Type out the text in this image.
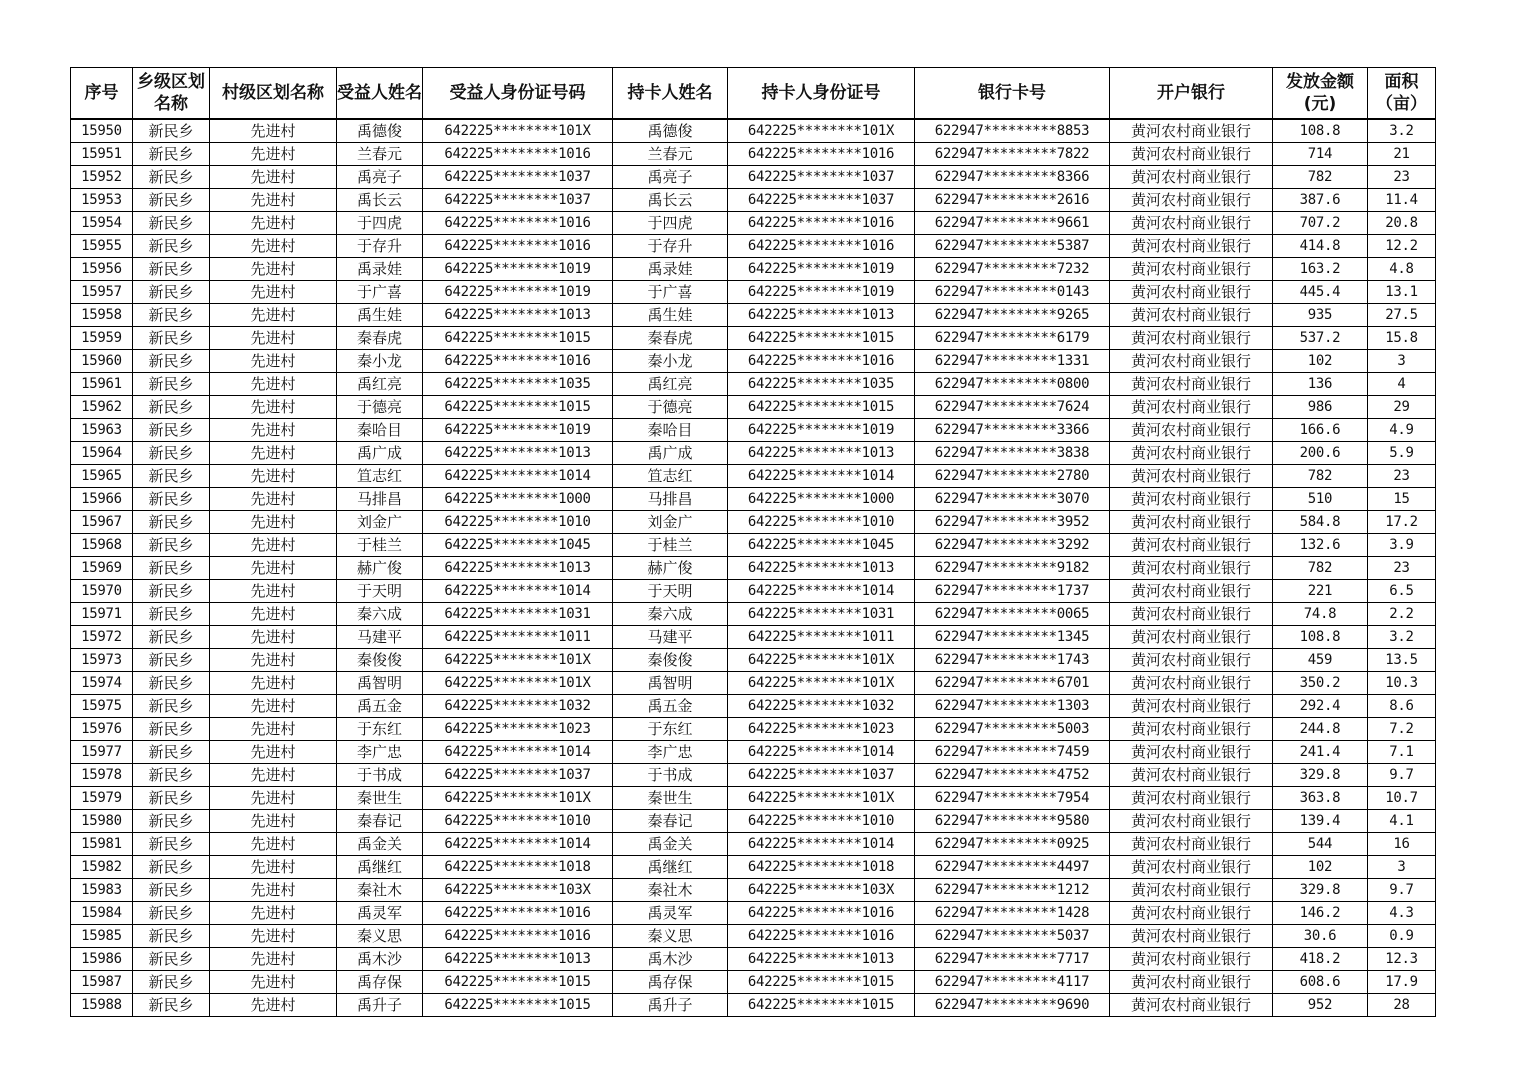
序号	乡级区划名称	村级区划名称	受益人姓名	受益人身份证号码	持卡人姓名	持卡人身份证号	银行卡号	开户银行	发放金额(元)	面积（亩）
15950	新民乡	先进村	禹德俊	642225********101X	禹德俊	642225********101X	622947*********8853	黄河农村商业银行	108.8	3.2
15951	新民乡	先进村	兰春元	642225********1016	兰春元	642225********1016	622947*********7822	黄河农村商业银行	714	21
15952	新民乡	先进村	禹亮子	642225********1037	禹亮子	642225********1037	622947*********8366	黄河农村商业银行	782	23
15953	新民乡	先进村	禹长云	642225********1037	禹长云	642225********1037	622947*********2616	黄河农村商业银行	387.6	11.4
15954	新民乡	先进村	于四虎	642225********1016	于四虎	642225********1016	622947*********9661	黄河农村商业银行	707.2	20.8
15955	新民乡	先进村	于存升	642225********1016	于存升	642225********1016	622947*********5387	黄河农村商业银行	414.8	12.2
15956	新民乡	先进村	禹录娃	642225********1019	禹录娃	642225********1019	622947*********7232	黄河农村商业银行	163.2	4.8
15957	新民乡	先进村	于广喜	642225********1019	于广喜	642225********1019	622947*********0143	黄河农村商业银行	445.4	13.1
15958	新民乡	先进村	禹生娃	642225********1013	禹生娃	642225********1013	622947*********9265	黄河农村商业银行	935	27.5
15959	新民乡	先进村	秦春虎	642225********1015	秦春虎	642225********1015	622947*********6179	黄河农村商业银行	537.2	15.8
15960	新民乡	先进村	秦小龙	642225********1016	秦小龙	642225********1016	622947*********1331	黄河农村商业银行	102	3
15961	新民乡	先进村	禹红亮	642225********1035	禹红亮	642225********1035	622947*********0800	黄河农村商业银行	136	4
15962	新民乡	先进村	于德亮	642225********1015	于德亮	642225********1015	622947*********7624	黄河农村商业银行	986	29
15963	新民乡	先进村	秦哈目	642225********1019	秦哈目	642225********1019	622947*********3366	黄河农村商业银行	166.6	4.9
15964	新民乡	先进村	禹广成	642225********1013	禹广成	642225********1013	622947*********3838	黄河农村商业银行	200.6	5.9
15965	新民乡	先进村	笪志红	642225********1014	笪志红	642225********1014	622947*********2780	黄河农村商业银行	782	23
15966	新民乡	先进村	马排昌	642225********1000	马排昌	642225********1000	622947*********3070	黄河农村商业银行	510	15
15967	新民乡	先进村	刘金广	642225********1010	刘金广	642225********1010	622947*********3952	黄河农村商业银行	584.8	17.2
15968	新民乡	先进村	于桂兰	642225********1045	于桂兰	642225********1045	622947*********3292	黄河农村商业银行	132.6	3.9
15969	新民乡	先进村	赫广俊	642225********1013	赫广俊	642225********1013	622947*********9182	黄河农村商业银行	782	23
15970	新民乡	先进村	于天明	642225********1014	于天明	642225********1014	622947*********1737	黄河农村商业银行	221	6.5
15971	新民乡	先进村	秦六成	642225********1031	秦六成	642225********1031	622947*********0065	黄河农村商业银行	74.8	2.2
15972	新民乡	先进村	马建平	642225********1011	马建平	642225********1011	622947*********1345	黄河农村商业银行	108.8	3.2
15973	新民乡	先进村	秦俊俊	642225********101X	秦俊俊	642225********101X	622947*********1743	黄河农村商业银行	459	13.5
15974	新民乡	先进村	禹智明	642225********101X	禹智明	642225********101X	622947*********6701	黄河农村商业银行	350.2	10.3
15975	新民乡	先进村	禹五金	642225********1032	禹五金	642225********1032	622947*********1303	黄河农村商业银行	292.4	8.6
15976	新民乡	先进村	于东红	642225********1023	于东红	642225********1023	622947*********5003	黄河农村商业银行	244.8	7.2
15977	新民乡	先进村	李广忠	642225********1014	李广忠	642225********1014	622947*********7459	黄河农村商业银行	241.4	7.1
15978	新民乡	先进村	于书成	642225********1037	于书成	642225********1037	622947*********4752	黄河农村商业银行	329.8	9.7
15979	新民乡	先进村	秦世生	642225********101X	秦世生	642225********101X	622947*********7954	黄河农村商业银行	363.8	10.7
15980	新民乡	先进村	秦春记	642225********1010	秦春记	642225********1010	622947*********9580	黄河农村商业银行	139.4	4.1
15981	新民乡	先进村	禹金关	642225********1014	禹金关	642225********1014	622947*********0925	黄河农村商业银行	544	16
15982	新民乡	先进村	禹继红	642225********1018	禹继红	642225********1018	622947*********4497	黄河农村商业银行	102	3
15983	新民乡	先进村	秦社木	642225********103X	秦社木	642225********103X	622947*********1212	黄河农村商业银行	329.8	9.7
15984	新民乡	先进村	禹灵军	642225********1016	禹灵军	642225********1016	622947*********1428	黄河农村商业银行	146.2	4.3
15985	新民乡	先进村	秦义思	642225********1016	秦义思	642225********1016	622947*********5037	黄河农村商业银行	30.6	0.9
15986	新民乡	先进村	禹木沙	642225********1013	禹木沙	642225********1013	622947*********7717	黄河农村商业银行	418.2	12.3
15987	新民乡	先进村	禹存保	642225********1015	禹存保	642225********1015	622947*********4117	黄河农村商业银行	608.6	17.9
15988	新民乡	先进村	禹升子	642225********1015	禹升子	642225********1015	622947*********9690	黄河农村商业银行	952	28
